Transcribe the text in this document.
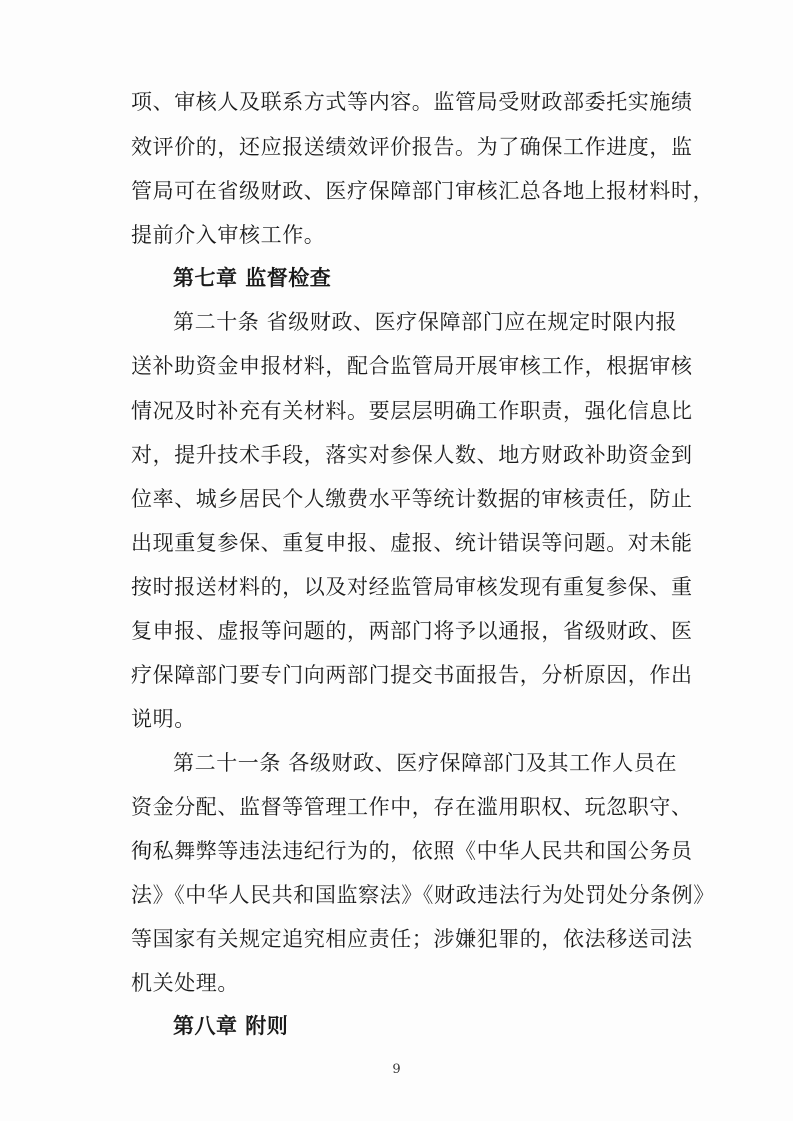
项、审核人及联系方式等内容。监管局受财政部委托实施绩
效评价的，还应报送绩效评价报告。为了确保工作进度，监
管局可在省级财政、医疗保障部门审核汇总各地上报材料时，
提前介入审核工作。
第七章 监督检查
第二十条 省级财政、医疗保障部门应在规定时限内报
送补助资金申报材料，配合监管局开展审核工作，根据审核
情况及时补充有关材料。要层层明确工作职责，强化信息比
对，提升技术手段，落实对参保人数、地方财政补助资金到
位率、城乡居民个人缴费水平等统计数据的审核责任，防止
出现重复参保、重复申报、虚报、统计错误等问题。对未能
按时报送材料的，以及对经监管局审核发现有重复参保、重
复申报、虚报等问题的，两部门将予以通报，省级财政、医
疗保障部门要专门向两部门提交书面报告，分析原因，作出
说明。
第二十一条 各级财政、医疗保障部门及其工作人员在
资金分配、监督等管理工作中，存在滥用职权、玩忽职守、
徇私舞弊等违法违纪行为的，依照《中华人民共和国公务员
法》《中华人民共和国监察法》《财政违法行为处罚处分条例》
等国家有关规定追究相应责任；涉嫌犯罪的，依法移送司法
机关处理。
第八章 附则
9
